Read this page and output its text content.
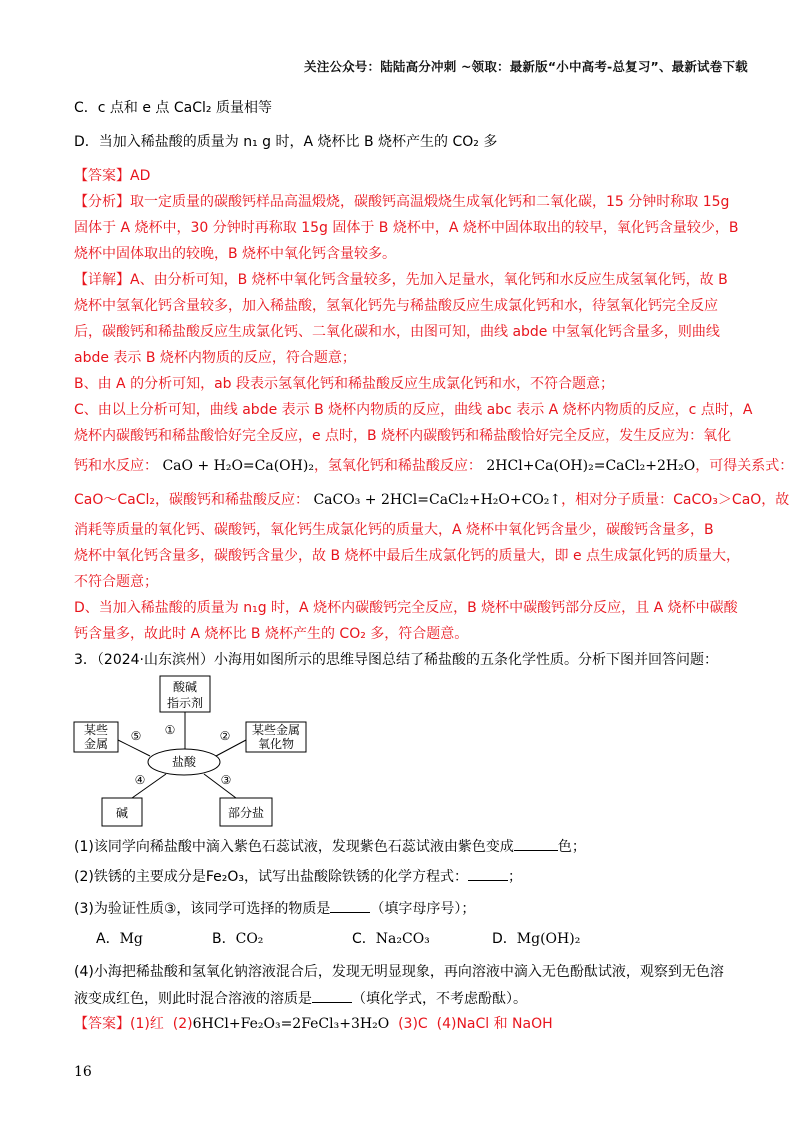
关注公众号：陆陆高分冲刺 ~领取：最新版“小中高考-总复习”、最新试卷下载
C．c 点和 e 点 CaCl₂ 质量相等
D．当加入稀盐酸的质量为 n₁ g 时，A 烧杯比 B 烧杯产生的 CO₂ 多
【答案】AD
【分析】取一定质量的碳酸钙样品高温煅烧，碳酸钙高温煅烧生成氧化钙和二氧化碳，15 分钟时称取 15g
固体于 A 烧杯中，30 分钟时再称取 15g 固体于 B 烧杯中，A 烧杯中固体取出的较早，氧化钙含量较少，B
烧杯中固体取出的较晚，B 烧杯中氧化钙含量较多。
【详解】A、由分析可知，B 烧杯中氧化钙含量较多，先加入足量水，氧化钙和水反应生成氢氧化钙，故 B
烧杯中氢氧化钙含量较多，加入稀盐酸，氢氧化钙先与稀盐酸反应生成氯化钙和水，待氢氧化钙完全反应
后，碳酸钙和稀盐酸反应生成氯化钙、二氧化碳和水，由图可知，曲线 abde 中氢氧化钙含量多，则曲线
abde 表示 B 烧杯内物质的反应，符合题意；
B、由 A 的分析可知，ab 段表示氢氧化钙和稀盐酸反应生成氯化钙和水，不符合题意；
C、由以上分析可知，曲线 abde 表示 B 烧杯内物质的反应，曲线 abc 表示 A 烧杯内物质的反应，c 点时，A
烧杯内碳酸钙和稀盐酸恰好完全反应，e 点时，B 烧杯内碳酸钙和稀盐酸恰好完全反应，发生反应为：氧化
钙和水反应： CaO + H₂O=Ca(OH)₂，氢氧化钙和稀盐酸反应： 2HCl+Ca(OH)₂=CaCl₂+2H₂O，可得关系式：
CaO～CaCl₂，碳酸钙和稀盐酸反应： CaCO₃ + 2HCl=CaCl₂+H₂O+CO₂↑，相对分子质量：CaCO₃＞CaO，故
消耗等质量的氧化钙、碳酸钙，氧化钙生成氯化钙的质量大，A 烧杯中氧化钙含量少，碳酸钙含量多，B
烧杯中氧化钙含量多，碳酸钙含量少，故 B 烧杯中最后生成氯化钙的质量大，即 e 点生成氯化钙的质量大，
不符合题意；
D、当加入稀盐酸的质量为 n₁g 时，A 烧杯内碳酸钙完全反应，B 烧杯中碳酸钙部分反应，且 A 烧杯中碳酸
钙含量多，故此时 A 烧杯比 B 烧杯产生的 CO₂ 多，符合题意。
3．（2024·山东滨州）小海用如图所示的思维导图总结了稀盐酸的五条化学性质。分析下图并回答问题：
盐酸
酸碱
指示剂
①	某些金属
氧化物
②
某些
金属
⑤
碱
④
部分盐
③
(1)该同学向稀盐酸中滴入紫色石蕊试液，发现紫色石蕊试液由紫色变成	色；
(2)铁锈的主要成分是Fe₂O₃，试写出盐酸除铁锈的化学方程式：	；
(3)为验证性质③，该同学可选择的物质是	（填字母序号）；
A．Mg	B．CO₂	C．Na₂CO₃	D．Mg(OH)₂
(4)小海把稀盐酸和氢氧化钠溶液混合后，发现无明显现象，再向溶液中滴入无色酚酞试液，观察到无色溶
液变成红色，则此时混合溶液的溶质是	（填化学式，不考虑酚酞）。
【答案】(1)红 (2)6HCl+Fe₂O₃=2FeCl₃+3H₂O (3)C (4)NaCl 和 NaOH
16
